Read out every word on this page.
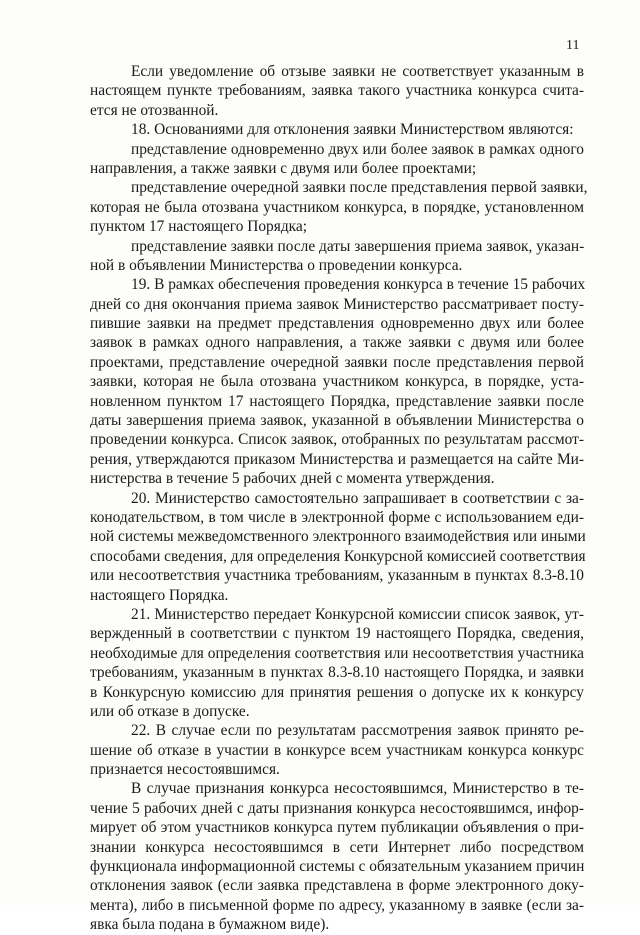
11

Если уведомление об отзыве заявки не соответствует указанным в
настоящем пункте требованиям, заявка такого участника конкурса счита-
ется не отозванной.
18. Основаниями для отклонения заявки Министерством являются:
представление одновременно двух или более заявок в рамках одного
направления, а также заявки с двумя или более проектами;
представление очередной заявки после представления первой заявки,
которая не была отозвана участником конкурса, в порядке, установленном
пунктом 17 настоящего Порядка;
представление заявки после даты завершения приема заявок, указан-
ной в объявлении Министерства о проведении конкурса.
19. В рамках обеспечения проведения конкурса в течение 15 рабочих
дней со дня окончания приема заявок Министерство рассматривает посту-
пившие заявки на предмет представления одновременно двух или более
заявок в рамках одного направления, а также заявки с двумя или более
проектами, представление очередной заявки после представления первой
заявки, которая не была отозвана участником конкурса, в порядке, уста-
новленном пунктом 17 настоящего Порядка, представление заявки после
даты завершения приема заявок, указанной в объявлении Министерства о
проведении конкурса. Список заявок, отобранных по результатам рассмот-
рения, утверждаются приказом Министерства и размещается на сайте Ми-
нистерства в течение 5 рабочих дней с момента утверждения.
20. Министерство самостоятельно запрашивает в соответствии с за-
конодательством, в том числе в электронной форме с использованием еди-
ной системы межведомственного электронного взаимодействия или иными
способами сведения, для определения Конкурсной комиссией соответствия
или несоответствия участника требованиям, указанным в пунктах 8.3-8.10
настоящего Порядка.
21. Министерство передает Конкурсной комиссии список заявок, ут-
вержденный в соответствии с пунктом 19 настоящего Порядка, сведения,
необходимые для определения соответствия или несоответствия участника
требованиям, указанным в пунктах 8.3-8.10 настоящего Порядка, и заявки
в Конкурсную комиссию для принятия решения о допуске их к конкурсу
или об отказе в допуске.
22. В случае если по результатам рассмотрения заявок принято ре-
шение об отказе в участии в конкурсе всем участникам конкурса конкурс
признается несостоявшимся.
В случае признания конкурса несостоявшимся, Министерство в те-
чение 5 рабочих дней с даты признания конкурса несостоявшимся, инфор-
мирует об этом участников конкурса путем публикации объявления о при-
знании конкурса несостоявшимся в сети Интернет либо посредством
функционала информационной системы с обязательным указанием причин
отклонения заявок (если заявка представлена в форме электронного доку-
мента), либо в письменной форме по адресу, указанному в заявке (если за-
явка была подана в бумажном виде).
